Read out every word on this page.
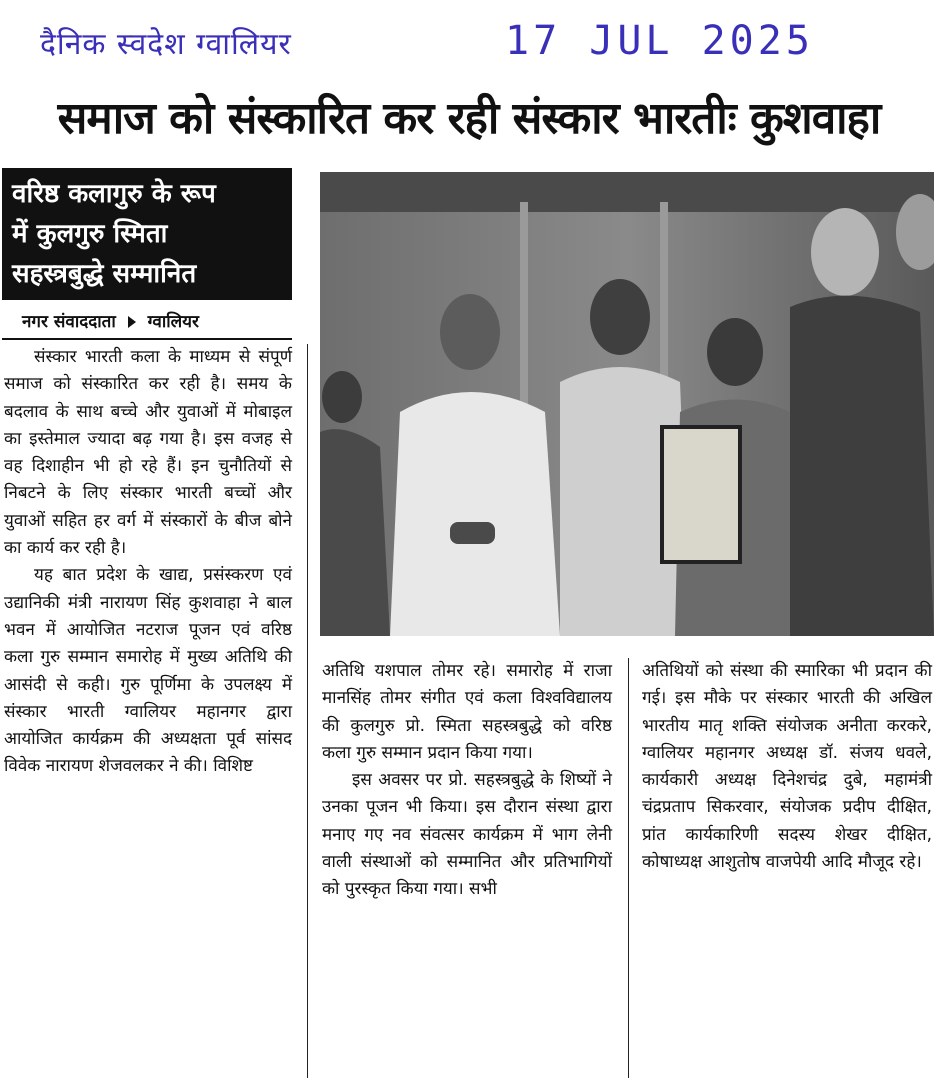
दैनिक स्वदेश ग्वालियर	17 JUL 2025
समाज को संस्कारित कर रही संस्कार भारतीः कुशवाहा
वरिष्ठ कलागुरु के रूप
में कुलगुरु स्मिता
सहस्त्रबुद्धे सम्मानित
नगर संवाददाता ग्वालियर

संस्कार भारती कला के माध्यम से संपूर्ण समाज को संस्कारित कर रही है। समय के बदलाव के साथ बच्चे और युवाओं में मोबाइल का इस्तेमाल ज्यादा बढ़ गया है। इस वजह से वह दिशाहीन भी हो रहे हैं। इन चुनौतियों से निबटने के लिए संस्कार भारती बच्चों और युवाओं सहित हर वर्ग में संस्कारों के बीज बोने का कार्य कर रही है।

यह बात प्रदेश के खाद्य, प्रसंस्करण एवं उद्यानिकी मंत्री नारायण सिंह कुशवाहा ने बाल भवन में आयोजित नटराज पूजन एवं वरिष्ठ कला गुरु सम्मान समारोह में मुख्य अतिथि की आसंदी से कही। गुरु पूर्णिमा के उपलक्ष्य में संस्कार भारती ग्वालियर महानगर द्वारा आयोजित कार्यक्रम की अध्यक्षता पूर्व सांसद विवेक नारायण शेजवलकर ने की। विशिष्ट

अतिथि यशपाल तोमर रहे। समारोह में राजा मानसिंह तोमर संगीत एवं कला विश्वविद्यालय की कुलगुरु प्रो. स्मिता सहस्त्रबुद्धे को वरिष्ठ कला गुरु सम्मान प्रदान किया गया।

इस अवसर पर प्रो. सहस्त्रबुद्धे के शिष्यों ने उनका पूजन भी किया। इस दौरान संस्था द्वारा मनाए गए नव संवत्सर कार्यक्रम में भाग लेनी वाली संस्थाओं को सम्मानित और प्रतिभागियों को पुरस्कृत किया गया। सभी

अतिथियों को संस्था की स्मारिका भी प्रदान की गई। इस मौके पर संस्कार भारती की अखिल भारतीय मातृ शक्ति संयोजक अनीता करकरे, ग्वालियर महानगर अध्यक्ष डॉ. संजय धवले, कार्यकारी अध्यक्ष दिनेशचंद्र दुबे, महामंत्री चंद्रप्रताप सिकरवार, संयोजक प्रदीप दीक्षित, प्रांत कार्यकारिणी सदस्य शेखर दीक्षित, कोषाध्यक्ष आशुतोष वाजपेयी आदि मौजूद रहे।
